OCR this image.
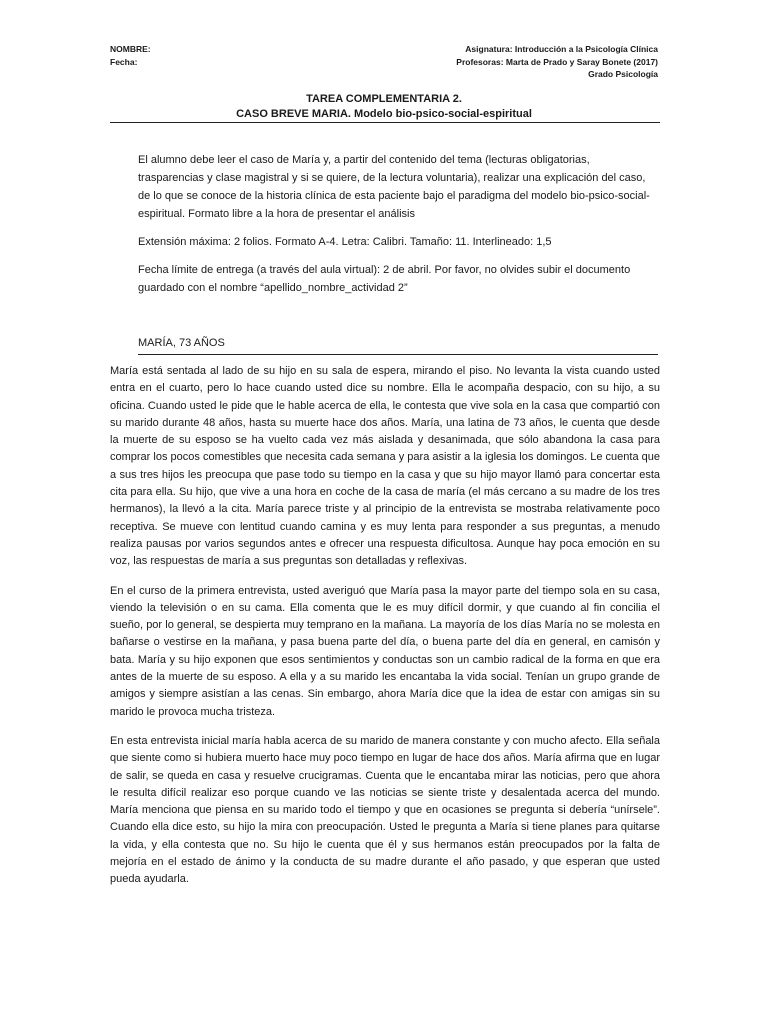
NOMBRE:
Fecha:
Asignatura: Introducción a la Psicología Clínica
Profesoras: Marta de Prado y Saray Bonete (2017)
Grado Psicología
TAREA COMPLEMENTARIA 2.
CASO BREVE MARIA. Modelo bio-psico-social-espiritual

El alumno debe leer el caso de María y, a partir del contenido del tema (lecturas obligatorias, trasparencias y clase magistral y si se quiere, de la lectura voluntaria), realizar una explicación del caso, de lo que se conoce de la historia clínica de esta paciente bajo el paradigma del modelo bio-psico-social-espiritual. Formato libre a la hora de presentar el análisis

Extensión máxima: 2 folios. Formato A-4. Letra: Calibri. Tamaño: 11. Interlineado: 1,5

Fecha límite de entrega (a través del aula virtual): 2 de abril. Por favor, no olvides subir el documento guardado con el nombre “apellido_nombre_actividad 2”

MARÍA, 73 AÑOS

María está sentada al lado de su hijo en su sala de espera, mirando el piso. No levanta la vista cuando usted entra en el cuarto, pero lo hace cuando usted dice su nombre. Ella le acompaña despacio, con su hijo, a su oficina. Cuando usted le pide que le hable acerca de ella, le contesta que vive sola en la casa que compartió con su marido durante 48 años, hasta su muerte hace dos años. María, una latina de 73 años, le cuenta que desde la muerte de su esposo se ha vuelto cada vez más aislada y desanimada, que sólo abandona la casa para comprar los pocos comestibles que necesita cada semana y para asistir a la iglesia los domingos. Le cuenta que a sus tres hijos les preocupa que pase todo su tiempo en la casa y que su hijo mayor llamó para concertar esta cita para ella. Su hijo, que vive a una hora en coche de la casa de maría (el más cercano a su madre de los tres hermanos), la llevó a la cita. María parece triste y al principio de la entrevista se mostraba relativamente poco receptiva. Se mueve con lentitud cuando camina y es muy lenta para responder a sus preguntas, a menudo realiza pausas por varios segundos antes e ofrecer una respuesta dificultosa. Aunque hay poca emoción en su voz, las respuestas de maría a sus preguntas son detalladas y reflexivas.

En el curso de la primera entrevista, usted averiguó que María pasa la mayor parte del tiempo sola en su casa, viendo la televisión o en su cama. Ella comenta que le es muy difícil dormir, y que cuando al fin concilia el sueño, por lo general, se despierta muy temprano en la mañana. La mayoría de los días María no se molesta en bañarse o vestirse en la mañana, y pasa buena parte del día, o buena parte del día en general, en camisón y bata. María y su hijo exponen que esos sentimientos y conductas son un cambio radical de la forma en que era antes de la muerte de su esposo. A ella y a su marido les encantaba la vida social. Tenían un grupo grande de amigos y siempre asistían a las cenas. Sin embargo, ahora María dice que la idea de estar con amigas sin su marido le provoca mucha tristeza.

En esta entrevista inicial maría habla acerca de su marido de manera constante y con mucho afecto. Ella señala que siente como si hubiera muerto hace muy poco tiempo en lugar de hace dos años. María afirma que en lugar de salir, se queda en casa y resuelve crucigramas. Cuenta que le encantaba mirar las noticias, pero que ahora le resulta difícil realizar eso porque cuando ve las noticias se siente triste y desalentada acerca del mundo. María menciona que piensa en su marido todo el tiempo y que en ocasiones se pregunta si debería “unírsele”. Cuando ella dice esto, su hijo la mira con preocupación. Usted le pregunta a María si tiene planes para quitarse la vida, y ella contesta que no. Su hijo le cuenta que él y sus hermanos están preocupados por la falta de mejoría en el estado de ánimo y la conducta de su madre durante el año pasado, y que esperan que usted pueda ayudarla.
